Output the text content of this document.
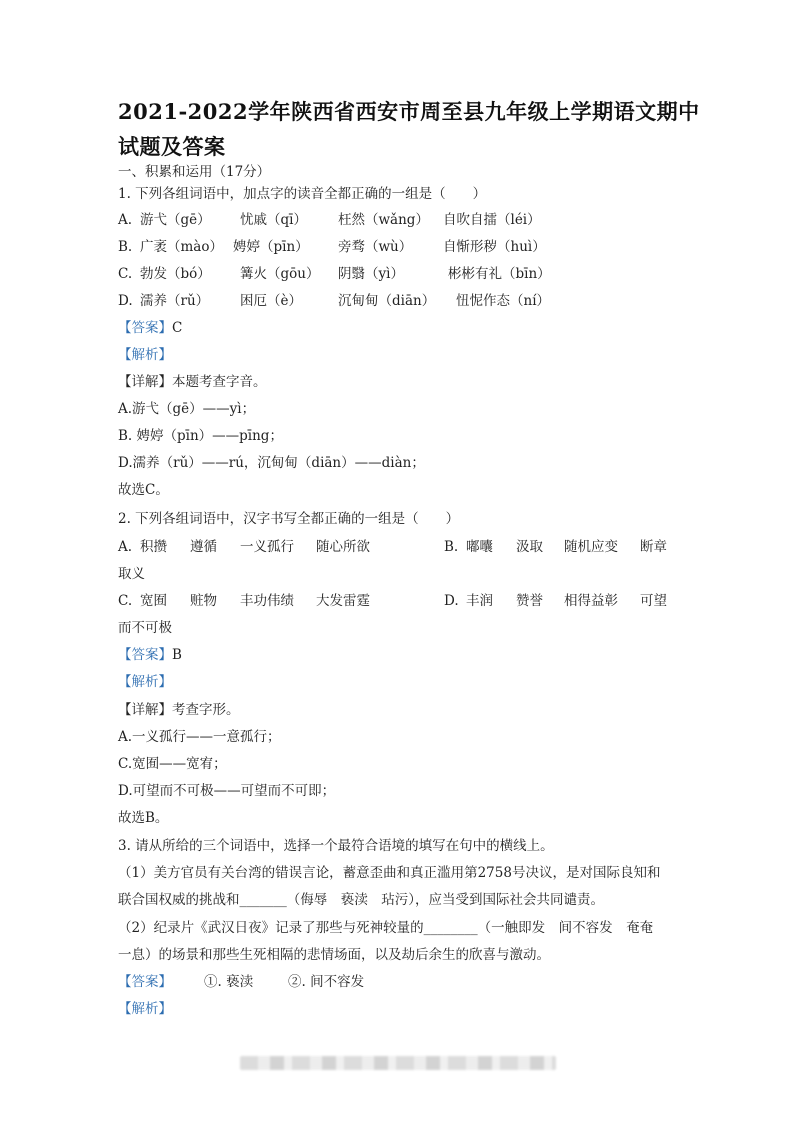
2021-2022学年陕西省西安市周至县九年级上学期语文期中
试题及答案
一、积累和运用（17分）
1. 下列各组词语中，加点字的读音全都正确的一组是（　　）
A. 游弋（gē） 忧戚（qī） 枉然（wǎng） 自吹自擂（léi）
B. 广袤（mào） 娉婷（pīn） 旁骛（wù） 自惭形秽（huì）
C. 勃发（bó） 篝火（gōu） 阴翳（yì）	彬彬有礼（bīn）
D. 濡养（rǔ） 困厄（è）	沉甸甸（diān） 忸怩作态（ní）
【答案】C
【解析】
【详解】本题考查字音。
A.游弋（gē）——yì；
B. 娉婷（pīn）——pīng；
D.濡养（rǔ）——rú，沉甸甸（diān）——diàn；
故选C。
2. 下列各组词语中，汉字书写全都正确的一组是（　　）
A. 积攒 遵循 一义孤行 随心所欲	B. 嘟囔 汲取 随机应变 断章
取义
C. 宽囿 赃物 丰功伟绩 大发雷霆	D. 丰润 赞誉 相得益彰 可望
而不可极
【答案】B
【解析】
【详解】考查字形。
A.一义孤行——一意孤行；
C.宽囿——宽宥；
D.可望而不可极——可望而不可即；
故选B。
3. 请从所给的三个词语中，选择一个最符合语境的填写在句中的横线上。
（1）美方官员有关台湾的错误言论，蓄意歪曲和真正滥用第2758号决议，是对国际良知和
联合国权威的挑战和_______（侮辱　亵渎　玷污），应当受到国际社会共同谴责。
（2）纪录片《武汉日夜》记录了那些与死神较量的________（一触即发　间不容发　奄奄
一息）的场景和那些生死相隔的悲情场面，以及劫后余生的欣喜与激动。
【答案】 ①. 亵渎	②. 间不容发
【解析】
